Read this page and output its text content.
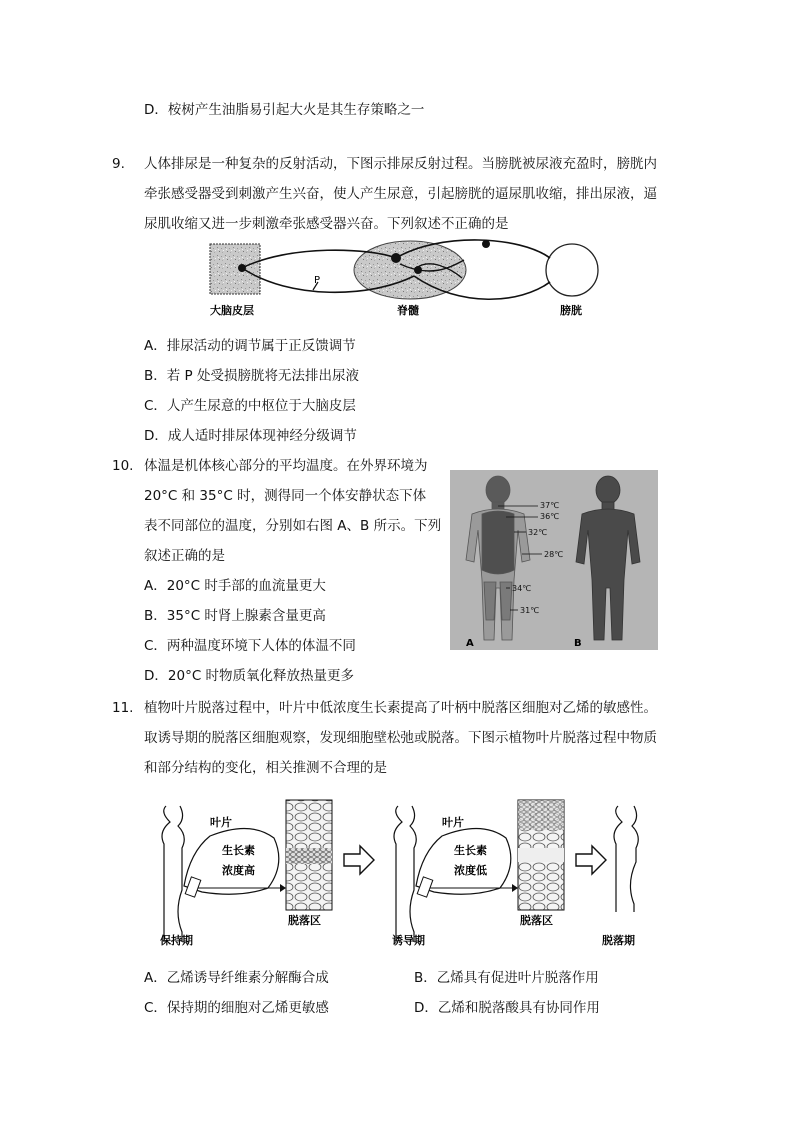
D．桉树产生油脂易引起大火是其生存策略之一
9. 人体排尿是一种复杂的反射活动，下图示排尿反射过程。当膀胱被尿液充盈时，膀胱内
牵张感受器受到刺激产生兴奋，使人产生尿意，引起膀胱的逼尿肌收缩，排出尿液，逼
尿肌收缩又进一步刺激牵张感受器兴奋。下列叙述不正确的是
P
大脑皮层	脊髓	膀胱
A．排尿活动的调节属于正反馈调节
B．若 P 处受损膀胱将无法排出尿液
C．人产生尿意的中枢位于大脑皮层
D．成人适时排尿体现神经分级调节
10. 体温是机体核心部分的平均温度。在外界环境为
20°C 和 35°C 时，测得同一个体安静状态下体
表不同部位的温度，分别如右图 A、B 所示。下列
叙述正确的是
37℃
36℃
32℃
28℃
34℃
31℃
A	B
A．20°C 时手部的血流量更大
B．35°C 时肾上腺素含量更高
C．两种温度环境下人体的体温不同
D．20°C 时物质氧化释放热量更多
11. 植物叶片脱落过程中，叶片中低浓度生长素提高了叶柄中脱落区细胞对乙烯的敏感性。
取诱导期的脱落区细胞观察，发现细胞壁松弛或脱落。下图示植物叶片脱落过程中物质
和部分结构的变化，相关推测不合理的是
叶片
生长素
浓度高
脱落区
保持期
叶片
生长素
浓度低
脱落区
诱导期	脱落期
A．乙烯诱导纤维素分解酶合成	B．乙烯具有促进叶片脱落作用
C．保持期的细胞对乙烯更敏感	D．乙烯和脱落酸具有协同作用
